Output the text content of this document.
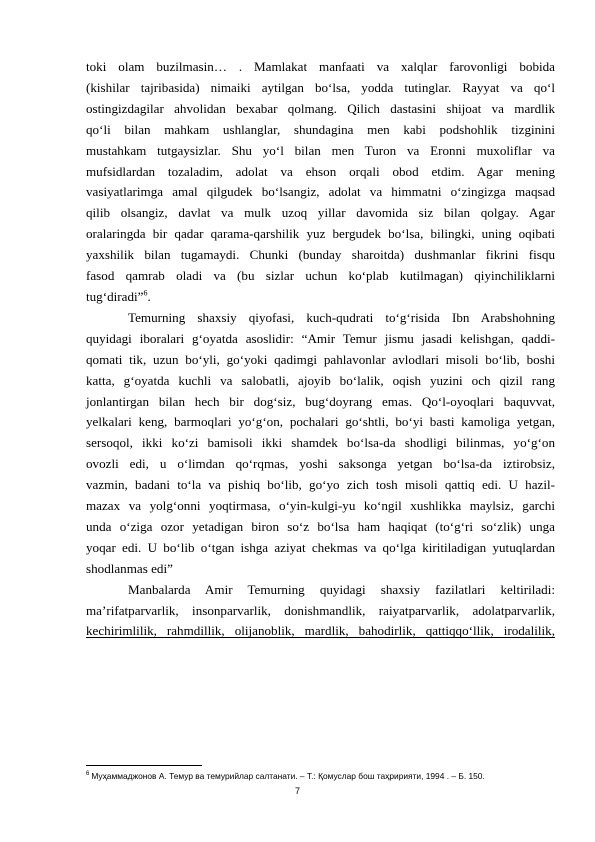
toki olam buzilmasin… . Mamlakat manfaati va xalqlar farovonligi bobida
(kishilar tajribasida) nimaiki aytilgan bo‘lsa, yodda tutinglar. Rayyat va qo‘l
ostingizdagilar ahvolidan bexabar qolmang. Qilich dastasini shijoat va mardlik
qo‘li bilan mahkam ushlanglar, shundagina men kabi podshohlik tizginini
mustahkam tutgaysizlar. Shu yo‘l bilan men Turon va Eronni muxoliflar va
mufsidlardan tozaladim, adolat va ehson orqali obod etdim. Agar mening
vasiyatlarimga amal qilgudek bo‘lsangiz, adolat va himmatni o‘zingizga maqsad
qilib olsangiz, davlat va mulk uzoq yillar davomida siz bilan qolgay. Agar
oralaringda bir qadar qarama-qarshilik yuz bergudek bo‘lsa, bilingki, uning oqibati
yaxshilik bilan tugamaydi. Chunki (bunday sharoitda) dushmanlar fikrini fisqu
fasod qamrab oladi va (bu sizlar uchun ko‘plab kutilmagan) qiyinchiliklarni
tug‘diradi”$^6$.
Temurning shaxsiy qiyofasi, kuch-qudrati to‘g‘risida Ibn Arabshohning
quyidagi iboralari g‘oyatda asoslidir: “Amir Temur jismu jasadi kelishgan, qaddi-
qomati tik, uzun bo‘yli, go‘yoki qadimgi pahlavonlar avlodlari misoli bo‘lib, boshi
katta, g‘oyatda kuchli va salobatli, ajoyib bo‘lalik, oqish yuzini och qizil rang
jonlantirgan bilan hech bir dog‘siz, bug‘doyrang emas. Qo‘l-oyoqlari baquvvat,
yelkalari keng, barmoqlari yo‘g‘on, pochalari go‘shtli, bo‘yi basti kamoliga yetgan,
sersoqol, ikki ko‘zi bamisoli ikki shamdek bo‘lsa-da shodligi bilinmas, yo‘g‘on
ovozli edi, u o‘limdan qo‘rqmas, yoshi saksonga yetgan bo‘lsa-da iztirobsiz,
vazmin, badani to‘la va pishiq bo‘lib, go‘yo zich tosh misoli qattiq edi. U hazil-
mazax va yolg‘onni yoqtirmasa, o‘yin-kulgi-yu ko‘ngil xushlikka maylsiz, garchi
unda o‘ziga ozor yetadigan biron so‘z bo‘lsa ham haqiqat (to‘g‘ri so‘zlik) unga
yoqar edi. U bo‘lib o‘tgan ishga aziyat chekmas va qo‘lga kiritiladigan yutuqlardan
shodlanmas edi”
Manbalarda Amir Temurning quyidagi shaxsiy fazilatlari keltiriladi:
ma’rifatparvarlik, insonparvarlik, donishmandlik, raiyatparvarlik, adolatparvarlik,
kechirimlilik, rahmdillik, olijanoblik, mardlik, bahodirlik, qattiqqo‘llik, irodalilik,
$^6$ Муҳаммаджонов А. Темур ва темурийлар салтанати. – Т.: Қомуслар бош таҳририяти, 1994 . – Б. 150.
7
